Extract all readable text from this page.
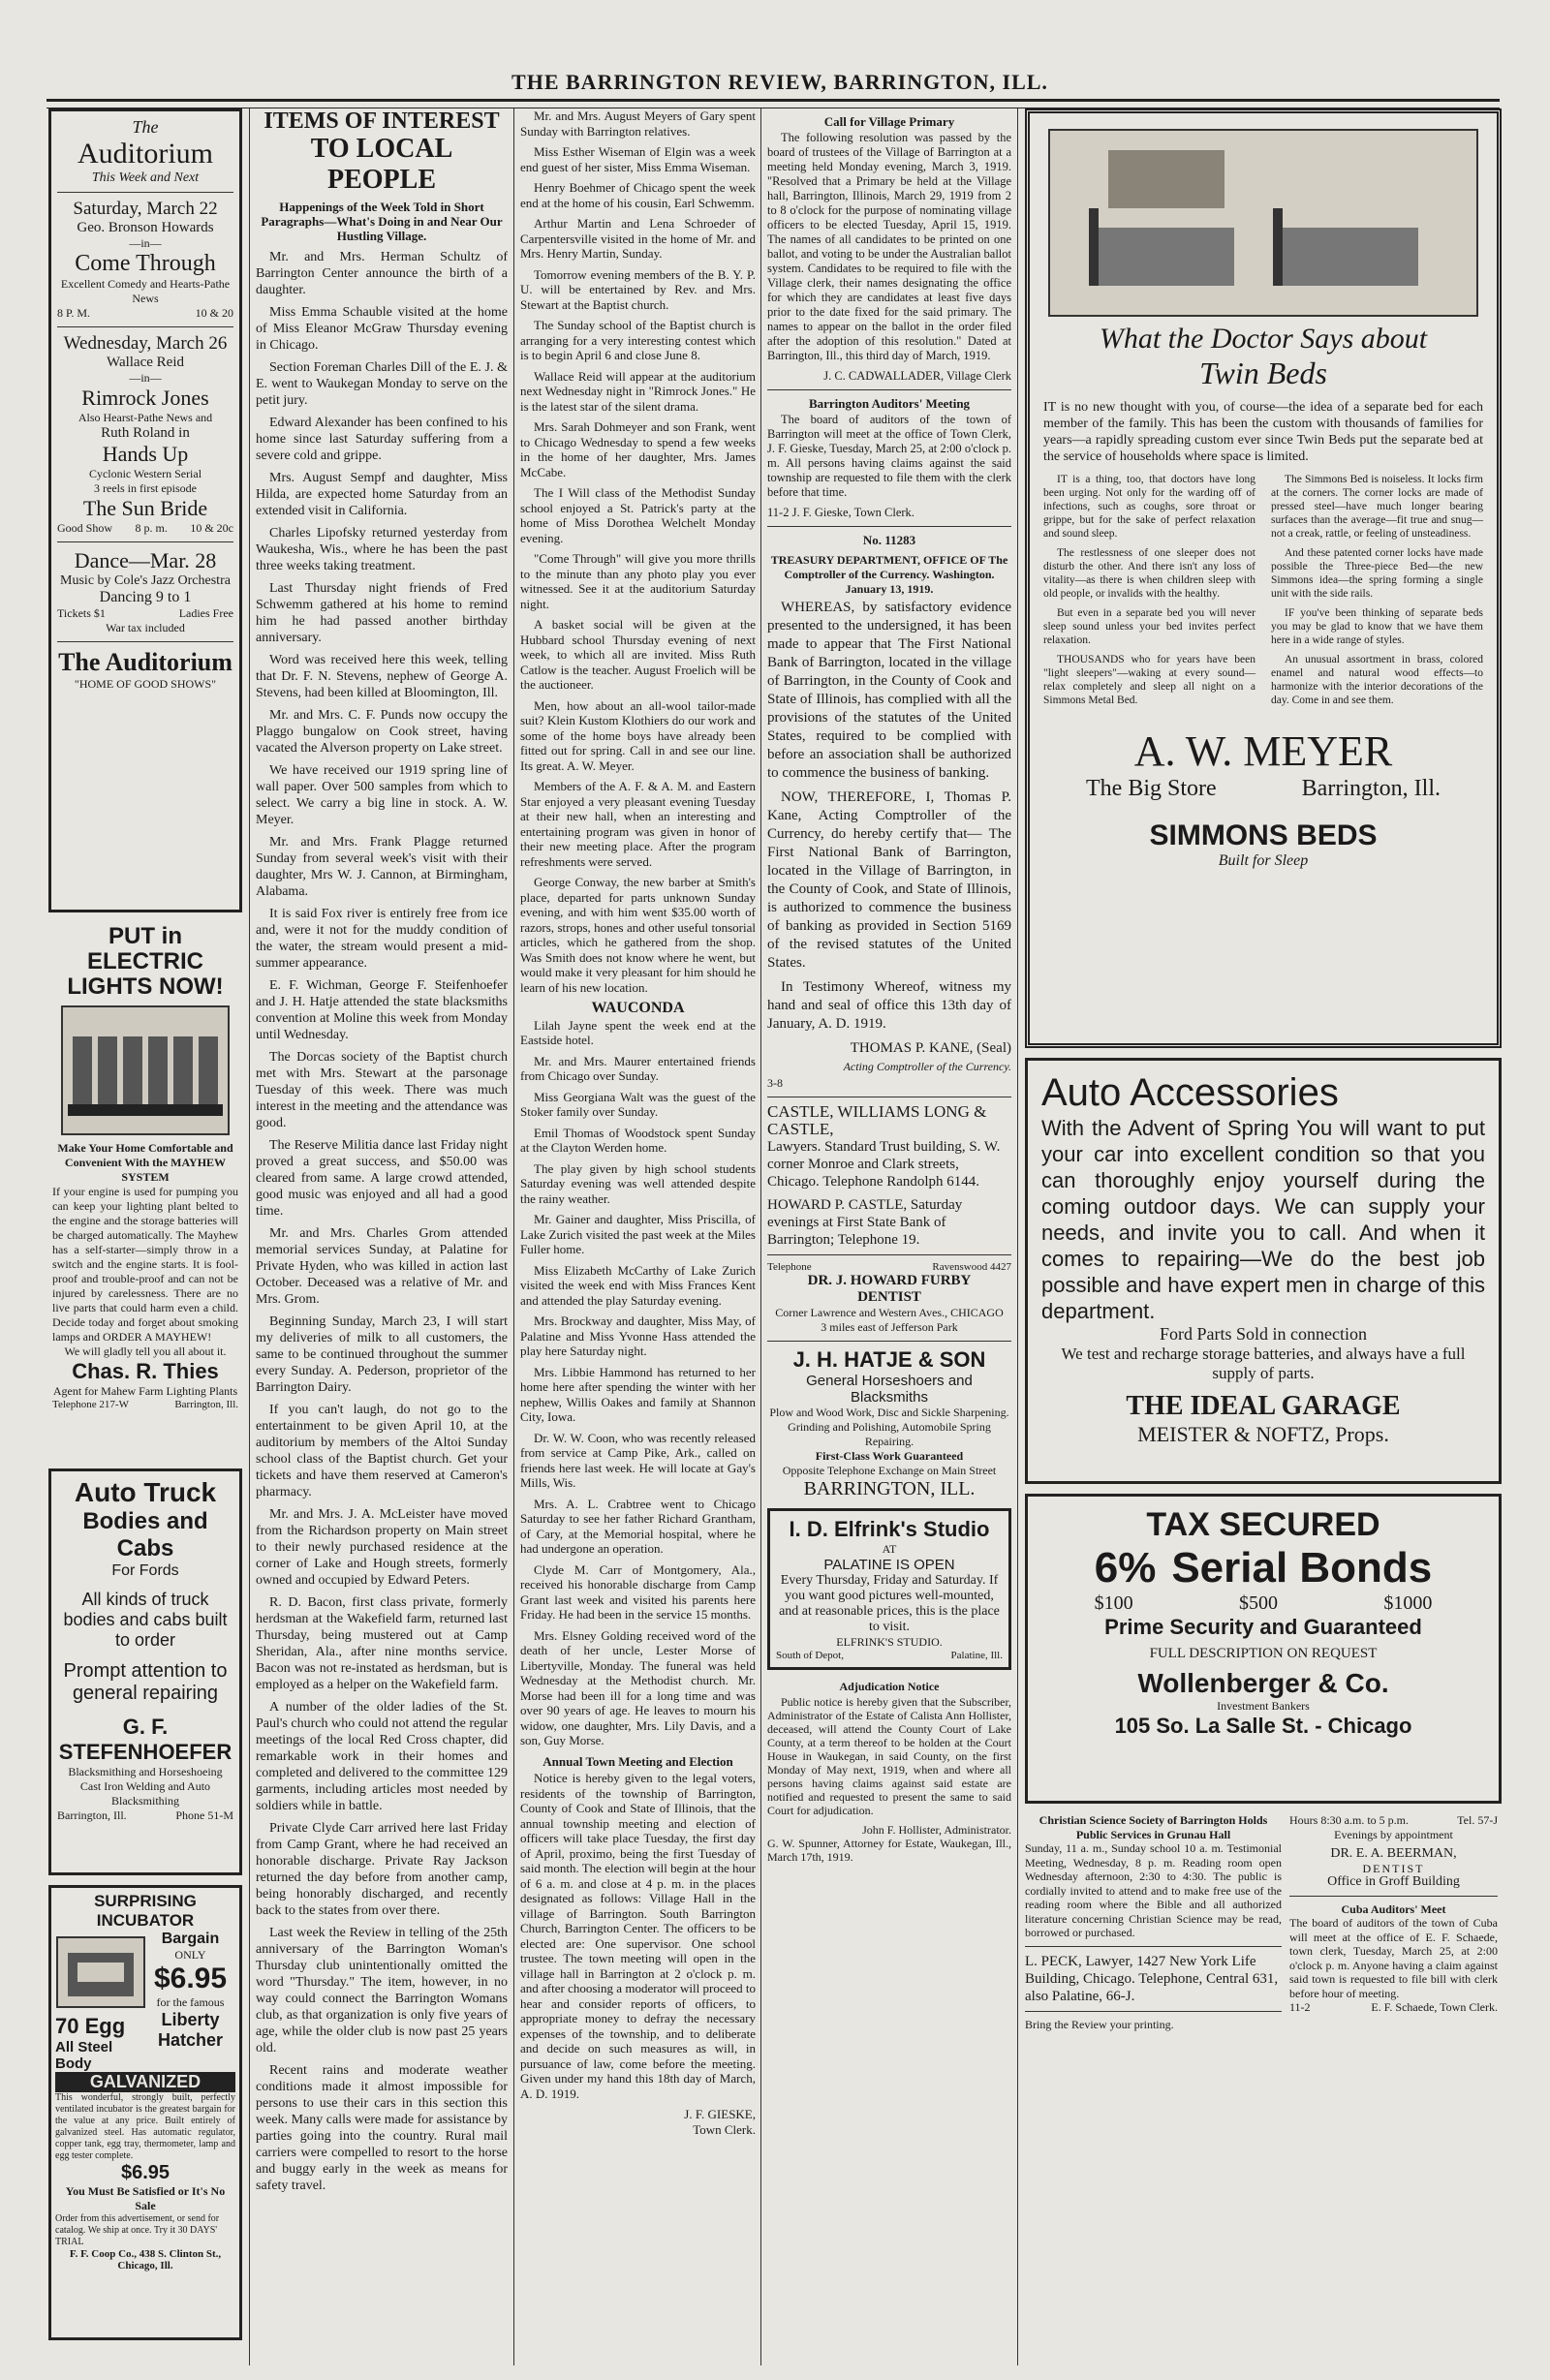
THE BARRINGTON REVIEW, BARRINGTON, ILL.
The
Auditorium
This Week and Next
Saturday, March 22
Geo. Bronson Howards
—in—
Come Through
Excellent Comedy and Hearts-Pathe News
8 P. M.	10 & 20
Wednesday, March 26
Wallace Reid
—in—
Rimrock Jones
Also Hearst-Pathe News and
Ruth Roland in
Hands Up
Cyclonic Western Serial
3 reels in first episode
The Sun Bride
Good Show 8 p. m. 10 & 20c
Dance—Mar. 28
Music by Cole's Jazz Orchestra
Dancing 9 to 1
Tickets $1	Ladies Free
War tax included
The Auditorium
"HOME OF GOOD SHOWS"
PUT in ELECTRIC LIGHTS NOW!
Make Your Home Comfortable and Convenient With the MAYHEW SYSTEM
If your engine is used for pumping you can keep your lighting plant belted to the engine and the storage batteries will be charged automatically. The Mayhew has a self-starter—simply throw in a switch and the engine starts. It is fool-proof and trouble-proof and can not be injured by carelessness. There are no live parts that could harm even a child. Decide today and forget about smoking lamps and ORDER A MAYHEW!
We will gladly tell you all about it.
Chas. R. Thies
Agent for Mahew Farm Lighting Plants
Telephone 217-W	Barrington, Ill.
Auto Truck
Bodies and Cabs
For Fords
All kinds of truck bodies and cabs built to order
Prompt attention to general repairing
G. F. STEFENHOEFER
Blacksmithing and Horseshoeing Cast Iron Welding and Auto Blacksmithing
Barrington, Ill.	Phone 51-M
SURPRISING INCUBATOR
70 Egg
All Steel Body
Bargain
ONLY
$6.95
for the famous
Liberty Hatcher
GALVANIZED
This wonderful, strongly built, perfectly ventilated incubator is the greatest bargain for the value at any price. Built entirely of galvanized steel. Has automatic regulator, copper tank, egg tray, thermometer, lamp and egg tester complete.
$6.95
You Must Be Satisfied or It's No Sale
Order from this advertisement, or send for catalog. We ship at once. Try it 30 DAYS' TRIAL
F. F. Coop Co., 438 S. Clinton St., Chicago, Ill.
ITEMS OF INTEREST
TO LOCAL PEOPLE
Happenings of the Week Told in Short Paragraphs—What's Doing in and Near Our Hustling Village.

Mr. and Mrs. Herman Schultz of Barrington Center announce the birth of a daughter.

Miss Emma Schauble visited at the home of Miss Eleanor McGraw Thursday evening in Chicago.

Section Foreman Charles Dill of the E. J. & E. went to Waukegan Monday to serve on the petit jury.

Edward Alexander has been confined to his home since last Saturday suffering from a severe cold and grippe.

Mrs. August Sempf and daughter, Miss Hilda, are expected home Saturday from an extended visit in California.

Charles Lipofsky returned yesterday from Waukesha, Wis., where he has been the past three weeks taking treatment.

Last Thursday night friends of Fred Schwemm gathered at his home to remind him he had passed another birthday anniversary.

Word was received here this week, telling that Dr. F. N. Stevens, nephew of George A. Stevens, had been killed at Bloomington, Ill.

Mr. and Mrs. C. F. Punds now occupy the Plaggo bungalow on Cook street, having vacated the Alverson property on Lake street.

We have received our 1919 spring line of wall paper. Over 500 samples from which to select. We carry a big line in stock. A. W. Meyer.

Mr. and Mrs. Frank Plagge returned Sunday from several week's visit with their daughter, Mrs W. J. Cannon, at Birmingham, Alabama.

It is said Fox river is entirely free from ice and, were it not for the muddy condition of the water, the stream would present a mid-summer appearance.

E. F. Wichman, George F. Steifenhoefer and J. H. Hatje attended the state blacksmiths convention at Moline this week from Monday until Wednesday.

The Dorcas society of the Baptist church met with Mrs. Stewart at the parsonage Tuesday of this week. There was much interest in the meeting and the attendance was good.

The Reserve Militia dance last Friday night proved a great success, and $50.00 was cleared from same. A large crowd attended, good music was enjoyed and all had a good time.

Mr. and Mrs. Charles Grom attended memorial services Sunday, at Palatine for Private Hyden, who was killed in action last October. Deceased was a relative of Mr. and Mrs. Grom.

Beginning Sunday, March 23, I will start my deliveries of milk to all customers, the same to be continued throughout the summer every Sunday. A. Pederson, proprietor of the Barrington Dairy.

If you can't laugh, do not go to the entertainment to be given April 10, at the auditorium by members of the Altoi Sunday school class of the Baptist church. Get your tickets and have them reserved at Cameron's pharmacy.

Mr. and Mrs. J. A. McLeister have moved from the Richardson property on Main street to their newly purchased residence at the corner of Lake and Hough streets, formerly owned and occupied by Edward Peters.

R. D. Bacon, first class private, formerly herdsman at the Wakefield farm, returned last Thursday, being mustered out at Camp Sheridan, Ala., after nine months service. Bacon was not re-instated as herdsman, but is employed as a helper on the Wakefield farm.

A number of the older ladies of the St. Paul's church who could not attend the regular meetings of the local Red Cross chapter, did remarkable work in their homes and completed and delivered to the committee 129 garments, including articles most needed by soldiers while in battle.

Private Clyde Carr arrived here last Friday from Camp Grant, where he had received an honorable discharge. Private Ray Jackson returned the day before from another camp, being honorably discharged, and recently back to the states from over there.

Last week the Review in telling of the 25th anniversary of the Barrington Woman's Thursday club unintentionally omitted the word "Thursday." The item, however, in no way could connect the Barrington Womans club, as that organization is only five years of age, while the older club is now past 25 years old.

Recent rains and moderate weather conditions made it almost impossible for persons to use their cars in this section this week. Many calls were made for assistance by parties going into the country. Rural mail carriers were compelled to resort to the horse and buggy early in the week as means for safety travel.

Mr. and Mrs. August Meyers of Gary spent Sunday with Barrington relatives.

Miss Esther Wiseman of Elgin was a week end guest of her sister, Miss Emma Wiseman.

Henry Boehmer of Chicago spent the week end at the home of his cousin, Earl Schwemm.

Arthur Martin and Lena Schroeder of Carpentersville visited in the home of Mr. and Mrs. Henry Martin, Sunday.

Tomorrow evening members of the B. Y. P. U. will be entertained by Rev. and Mrs. Stewart at the Baptist church.

The Sunday school of the Baptist church is arranging for a very interesting contest which is to begin April 6 and close June 8.

Wallace Reid will appear at the auditorium next Wednesday night in "Rimrock Jones." He is the latest star of the silent drama.

Mrs. Sarah Dohmeyer and son Frank, went to Chicago Wednesday to spend a few weeks in the home of her daughter, Mrs. James McCabe.

The I Will class of the Methodist Sunday school enjoyed a St. Patrick's party at the home of Miss Dorothea Welchelt Monday evening.

"Come Through" will give you more thrills to the minute than any photo play you ever witnessed. See it at the auditorium Saturday night.

A basket social will be given at the Hubbard school Thursday evening of next week, to which all are invited. Miss Ruth Catlow is the teacher. August Froelich will be the auctioneer.

Men, how about an all-wool tailor-made suit? Klein Kustom Klothiers do our work and some of the home boys have already been fitted out for spring. Call in and see our line. Its great. A. W. Meyer.

Members of the A. F. & A. M. and Eastern Star enjoyed a very pleasant evening Tuesday at their new hall, when an interesting and entertaining program was given in honor of their new meeting place. After the program refreshments were served.

George Conway, the new barber at Smith's place, departed for parts unknown Sunday evening, and with him went $35.00 worth of razors, strops, hones and other useful tonsorial articles, which he gathered from the shop. Was Smith does not know where he went, but would make it very pleasant for him should he learn of his new location.

WAUCONDA

Lilah Jayne spent the week end at the Eastside hotel.

Mr. and Mrs. Maurer entertained friends from Chicago over Sunday.

Miss Georgiana Walt was the guest of the Stoker family over Sunday.

Emil Thomas of Woodstock spent Sunday at the Clayton Werden home.

The play given by high school students Saturday evening was well attended despite the rainy weather.

Mr. Gainer and daughter, Miss Priscilla, of Lake Zurich visited the past week at the Miles Fuller home.

Miss Elizabeth McCarthy of Lake Zurich visited the week end with Miss Frances Kent and attended the play Saturday evening.

Mrs. Brockway and daughter, Miss May, of Palatine and Miss Yvonne Hass attended the play here Saturday night.

Mrs. Libbie Hammond has returned to her home here after spending the winter with her nephew, Willis Oakes and family at Shannon City, Iowa.

Dr. W. W. Coon, who was recently released from service at Camp Pike, Ark., called on friends here last week. He will locate at Gay's Mills, Wis.

Mrs. A. L. Crabtree went to Chicago Saturday to see her father Richard Grantham, of Cary, at the Memorial hospital, where he had undergone an operation.

Clyde M. Carr of Montgomery, Ala., received his honorable discharge from Camp Grant last week and visited his parents here Friday. He had been in the service 15 months.

Mrs. Elsney Golding received word of the death of her uncle, Lester Morse of Libertyville, Monday. The funeral was held Wednesday at the Methodist church. Mr. Morse had been ill for a long time and was over 90 years of age. He leaves to mourn his widow, one daughter, Mrs. Lily Davis, and a son, Guy Morse.

Annual Town Meeting and Election

Notice is hereby given to the legal voters, residents of the township of Barrington, County of Cook and State of Illinois, that the annual township meeting and election of officers will take place Tuesday, the first day of April, proximo, being the first Tuesday of said month. The election will begin at the hour of 6 a. m. and close at 4 p. m. in the places designated as follows: Village Hall in the village of Barrington. South Barrington Church, Barrington Center. The officers to be elected are: One supervisor. One school trustee. The town meeting will open in the village hall in Barrington at 2 o'clock p. m. and after choosing a moderator will proceed to hear and consider reports of officers, to appropriate money to defray the necessary expenses of the township, and to deliberate and decide on such measures as will, in pursuance of law, come before the meeting. Given under my hand this 18th day of March, A. D. 1919.

J. F. GIESKE,
Town Clerk.
Call for Village Primary

The following resolution was passed by the board of trustees of the Village of Barrington at a meeting held Monday evening, March 3, 1919. "Resolved that a Primary be held at the Village hall, Barrington, Illinois, March 29, 1919 from 2 to 8 o'clock for the purpose of nominating village officers to be elected Tuesday, April 15, 1919. The names of all candidates to be printed on one ballot, and voting to be under the Australian ballot system. Candidates to be required to file with the Village clerk, their names designating the office for which they are candidates at least five days prior to the date fixed for the said primary. The names to appear on the ballot in the order filed after the adoption of this resolution." Dated at Barrington, Ill., this third day of March, 1919.

J. C. CADWALLADER, Village Clerk
Barrington Auditors' Meeting

The board of auditors of the town of Barrington will meet at the office of Town Clerk, J. F. Gieske, Tuesday, March 25, at 2:00 o'clock p. m. All persons having claims against the said township are requested to file them with the clerk before that time.

11-2 J. F. Gieske, Town Clerk.
No. 11283
TREASURY DEPARTMENT, OFFICE OF The Comptroller of the Currency. Washington. January 13, 1919.

WHEREAS, by satisfactory evidence presented to the undersigned, it has been made to appear that The First National Bank of Barrington, located in the village of Barrington, in the County of Cook and State of Illinois, has complied with all the provisions of the statutes of the United States, required to be complied with before an association shall be authorized to commence the business of banking.

NOW, THEREFORE, I, Thomas P. Kane, Acting Comptroller of the Currency, do hereby certify that— The First National Bank of Barrington, located in the Village of Barrington, in the County of Cook, and State of Illinois, is authorized to commence the business of banking as provided in Section 5169 of the revised statutes of the United States.

In Testimony Whereof, witness my hand and seal of office this 13th day of January, A. D. 1919.

THOMAS P. KANE, (Seal)
Acting Comptroller of the Currency.
3-8
CASTLE, WILLIAMS LONG & CASTLE,
Lawyers. Standard Trust building, S. W. corner Monroe and Clark streets, Chicago. Telephone Randolph 6144.
HOWARD P. CASTLE, Saturday evenings at First State Bank of Barrington; Telephone 19.
Telephone	Ravenswood 4427
DR. J. HOWARD FURBY
DENTIST
Corner Lawrence and Western Aves., CHICAGO
3 miles east of Jefferson Park
J. H. HATJE & SON
General Horseshoers and Blacksmiths
Plow and Wood Work, Disc and Sickle Sharpening. Grinding and Polishing, Automobile Spring Repairing.
First-Class Work Guaranteed
Opposite Telephone Exchange on Main Street
BARRINGTON, ILL.
I. D. Elfrink's Studio
AT
PALATINE IS OPEN
Every Thursday, Friday and Saturday. If you want good pictures well-mounted, and at reasonable prices, this is the place to visit.
ELFRINK'S STUDIO.
South of Depot,	Palatine, Ill.
Adjudication Notice

Public notice is hereby given that the Subscriber, Administrator of the Estate of Calista Ann Hollister, deceased, will attend the County Court of Lake County, at a term thereof to be holden at the Court House in Waukegan, in said County, on the first Monday of May next, 1919, when and where all persons having claims against said estate are notified and requested to present the same to said Court for adjudication.

John F. Hollister, Administrator.
G. W. Spunner, Attorney for Estate, Waukegan, Ill., March 17th, 1919.
What the Doctor Says about
Twin Beds
IT is no new thought with you, of course—the idea of a separate bed for each member of the family. This has been the custom with thousands of families for years—a rapidly spreading custom ever since Twin Beds put the separate bed at the service of households where space is limited.

IT is a thing, too, that doctors have long been urging. Not only for the warding off of infections, such as coughs, sore throat or grippe, but for the sake of perfect relaxation and sound sleep.

The restlessness of one sleeper does not disturb the other. And there isn't any loss of vitality—as there is when children sleep with old people, or invalids with the healthy.

But even in a separate bed you will never sleep sound unless your bed invites perfect relaxation.

THOUSANDS who for years have been "light sleepers"—waking at every sound—relax completely and sleep all night on a Simmons Metal Bed.

The Simmons Bed is noiseless. It locks firm at the corners. The corner locks are made of pressed steel—have much longer bearing surfaces than the average—fit true and snug—not a creak, rattle, or feeling of unsteadiness.

And these patented corner locks have made possible the Three-piece Bed—the new Simmons idea—the spring forming a single unit with the side rails.

IF you've been thinking of separate beds you may be glad to know that we have them here in a wide range of styles.

An unusual assortment in brass, colored enamel and natural wood effects—to harmonize with the interior decorations of the day. Come in and see them.

A. W. MEYER
The Big Store	Barrington, Ill.
SIMMONS BEDS
Built for Sleep
Auto Accessories
With the Advent of Spring You will want to put your car into excellent condition so that you can thoroughly enjoy yourself during the coming outdoor days. We can supply your needs, and invite you to call. And when it comes to repairing—We do the best job possible and have expert men in charge of this department.
Ford Parts Sold in connection
We test and recharge storage batteries, and always have a full supply of parts.
THE IDEAL GARAGE
MEISTER & NOFTZ, Props.
TAX SECURED
6% Serial Bonds
$100	$500	$1000
Prime Security and Guaranteed
FULL DESCRIPTION ON REQUEST
Wollenberger & Co.
Investment Bankers
105 So. La Salle St. - Chicago
Christian Science Society of Barrington Holds Public Services in Grunau Hall
Sunday, 11 a. m., Sunday school 10 a. m. Testimonial Meeting, Wednesday, 8 p. m. Reading room open Wednesday afternoon, 2:30 to 4:30. The public is cordially invited to attend and to make free use of the reading room where the Bible and all authorized literature concerning Christian Science may be read, borrowed or purchased.
L. PECK, Lawyer, 1427 New York Life Building, Chicago. Telephone, Central 631, also Palatine, 66-J.
Bring the Review your printing.
Hours 8:30 a.m. to 5 p.m.	Tel. 57-J
Evenings by appointment
DR. E. A. BEERMAN,
DENTIST
Office in Groff Building
Cuba Auditors' Meet
The board of auditors of the town of Cuba will meet at the office of E. F. Schaede, town clerk, Tuesday, March 25, at 2:00 o'clock p. m. Anyone having a claim against said town is requested to file bill with clerk before hour of meeting.
11-2	E. F. Schaede, Town Clerk.
